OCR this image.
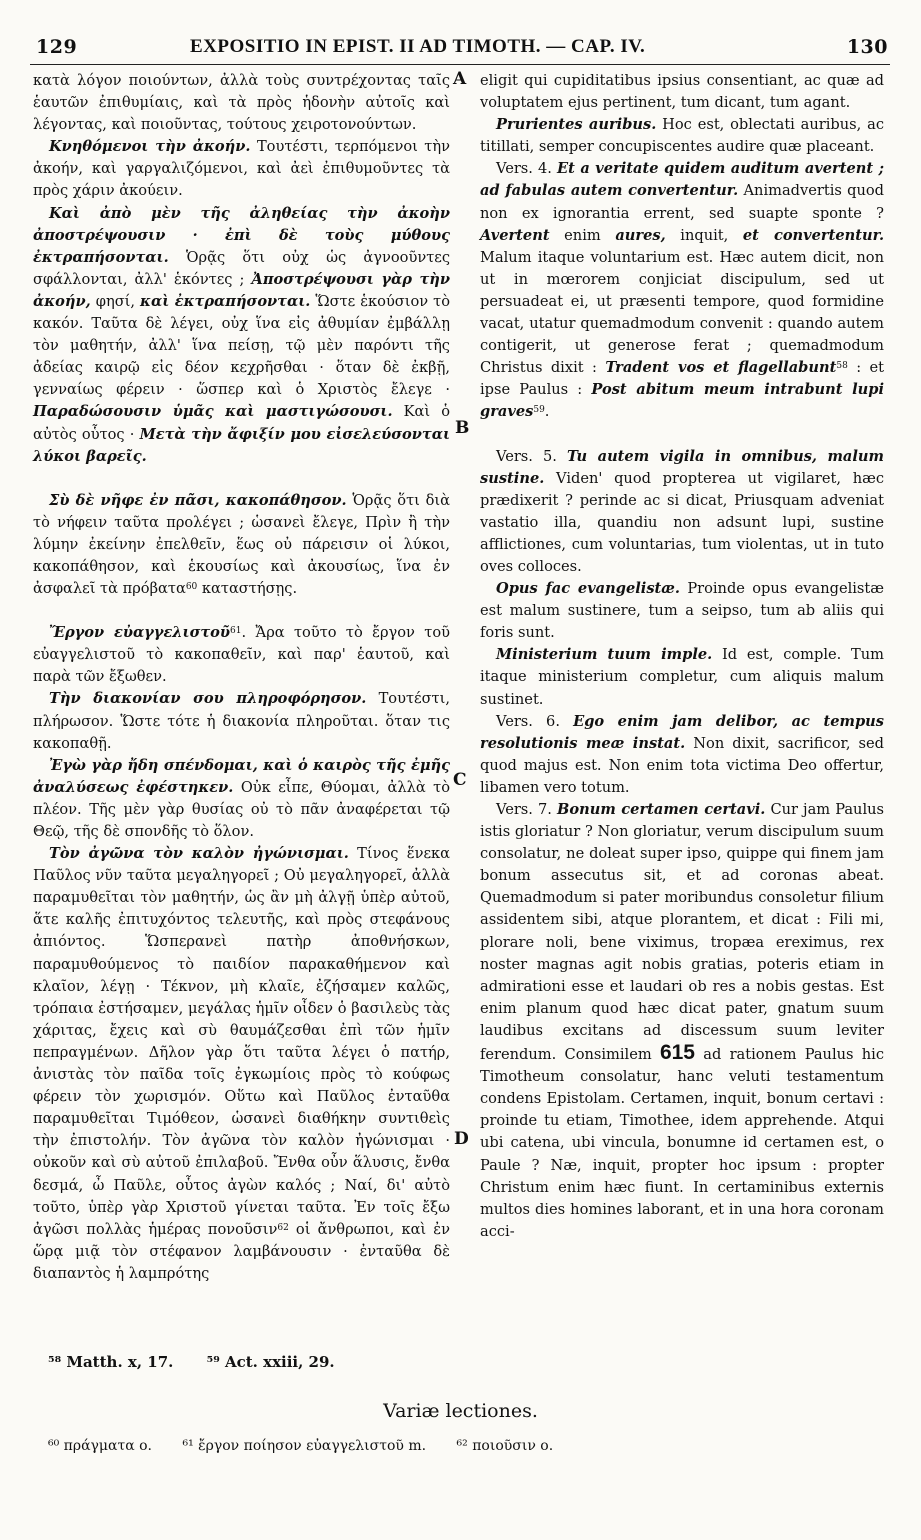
129	EXPOSITIO IN EPIST. II AD TIMOTH. — CAP. IV.	130
A
B
C
D

κατὰ λόγον ποιούντων, ἀλλὰ τοὺς συντρέχοντας ταῖς ἑαυτῶν ἐπιθυμίαις, καὶ τὰ πρὸς ἡδονὴν αὐτοῖς καὶ λέγοντας, καὶ ποιοῦντας, τούτους χειροτονούντων.

Κνηθόμενοι τὴν ἀκοήν. Τουτέστι, τερπόμενοι τὴν ἀκοήν, καὶ γαργαλιζόμενοι, καὶ ἀεὶ ἐπιθυμοῦντες τὰ πρὸς χάριν ἀκούειν.

Καὶ ἀπὸ μὲν τῆς ἀληθείας τὴν ἀκοὴν ἀποστρέψουσιν · ἐπὶ δὲ τοὺς μύθους ἐκτραπήσονται. Ὁρᾷς ὅτι οὐχ ὡς ἀγνοοῦντες σφάλλονται, ἀλλ' ἑκόντες ; Ἀποστρέψουσι γὰρ τὴν ἀκοήν, φησί, καὶ ἐκτραπήσονται. Ὥστε ἑκούσιον τὸ κακόν. Ταῦτα δὲ λέγει, οὐχ ἵνα εἰς ἀθυμίαν ἐμβάλλῃ τὸν μαθητήν, ἀλλ' ἵνα πείσῃ, τῷ μὲν παρόντι τῆς ἀδείας καιρῷ εἰς δέον κεχρῆσθαι · ὅταν δὲ ἐκβῇ, γενναίως φέρειν · ὥσπερ καὶ ὁ Χριστὸς ἔλεγε · Παραδώσουσιν ὑμᾶς καὶ μαστιγώσουσι. Καὶ ὁ αὐτὸς οὗτος · Μετὰ τὴν ἄφιξίν μου εἰσελεύσονται λύκοι βαρεῖς.

Σὺ δὲ νῆφε ἐν πᾶσι, κακοπάθησον. Ὁρᾷς ὅτι διὰ τὸ νήφειν ταῦτα προλέγει ; ὡσανεὶ ἔλεγε, Πρὶν ἢ τὴν λύμην ἐκείνην ἐπελθεῖν, ἕως οὐ πάρεισιν οἱ λύκοι, κακοπάθησον, καὶ ἑκουσίως καὶ ἀκουσίως, ἵνα ἐν ἀσφαλεῖ τὰ πρόβατα$^{60}$ καταστήσῃς.

Ἔργον εὐαγγελιστοῦ$^{61}$. Ἄρα τοῦτο τὸ ἔργον τοῦ εὐαγγελιστοῦ τὸ κακοπαθεῖν, καὶ παρ' ἑαυτοῦ, καὶ παρὰ τῶν ἔξωθεν.

Τὴν διακονίαν σου πληροφόρησον. Τουτέστι, πλήρωσον. Ὥστε τότε ἡ διακονία πληροῦται. ὅταν τις κακοπαθῇ.

Ἐγὼ γὰρ ἤδη σπένδομαι, καὶ ὁ καιρὸς τῆς ἐμῆς ἀναλύσεως ἐφέστηκεν. Οὐκ εἶπε, Θύομαι, ἀλλὰ τὸ πλέον. Τῆς μὲν γὰρ θυσίας οὐ τὸ πᾶν ἀναφέρεται τῷ Θεῷ, τῆς δὲ σπονδῆς τὸ ὅλον.

Τὸν ἀγῶνα τὸν καλὸν ἠγώνισμαι. Τίνος ἕνεκα Παῦλος νῦν ταῦτα μεγαληγορεῖ ; Οὐ μεγαληγορεῖ, ἀλλὰ παραμυθεῖται τὸν μαθητήν, ὡς ἂν μὴ ἀλγῇ ὑπὲρ αὐτοῦ, ἅτε καλῆς ἐπιτυχόντος τελευτῆς, καὶ πρὸς στεφάνους ἀπιόντος. Ὥσπερανεὶ πατὴρ ἀποθνήσκων, παραμυθούμενος τὸ παιδίον παρακαθήμενον καὶ κλαῖον, λέγῃ · Τέκνον, μὴ κλαῖε, ἐζήσαμεν καλῶς, τρόπαια ἐστήσαμεν, μεγάλας ἡμῖν οἶδεν ὁ βασιλεὺς τὰς χάριτας, ἔχεις καὶ σὺ θαυμάζεσθαι ἐπὶ τῶν ἡμῖν πεπραγμένων. Δῆλον γὰρ ὅτι ταῦτα λέγει ὁ πατήρ, ἀνιστὰς τὸν παῖδα τοῖς ἐγκωμίοις πρὸς τὸ κούφως φέρειν τὸν χωρισμόν. Οὕτω καὶ Παῦλος ἐνταῦθα παραμυθεῖται Τιμόθεον, ὡσανεὶ διαθήκην συντιθεὶς τὴν ἐπιστολήν. Τὸν ἀγῶνα τὸν καλὸν ἠγώνισμαι · οὐκοῦν καὶ σὺ αὐτοῦ ἐπιλαβοῦ. Ἔνθα οὖν ἅλυσις, ἔνθα δεσμά, ὦ Παῦλε, οὗτος ἀγὼν καλός ; Ναί, δι' αὐτὸ τοῦτο, ὑπὲρ γὰρ Χριστοῦ γίνεται ταῦτα. Ἐν τοῖς ἔξω ἀγῶσι πολλὰς ἡμέρας πονοῦσιν$^{62}$ οἱ ἄνθρωποι, καὶ ἐν ὥρᾳ μιᾷ τὸν στέφανον λαμβάνουσιν · ἐνταῦθα δὲ διαπαντὸς ἡ λαμπρότης

eligit qui cupiditatibus ipsius consentiant, ac quæ ad voluptatem ejus pertinent, tum dicant, tum agant.

Prurientes auribus. Hoc est, oblectati auribus, ac titillati, semper concupiscentes audire quæ placeant.

Vers. 4. Et a veritate quidem auditum avertent ; ad fabulas autem convertentur. Animadvertis quod non ex ignorantia errent, sed suapte sponte ? Avertent enim aures, inquit, et convertentur. Malum itaque voluntarium est. Hæc autem dicit, non ut in mœrorem conjiciat discipulum, sed ut persuadeat ei, ut præsenti tempore, quod formidine vacat, utatur quemadmodum convenit : quando autem contigerit, ut generose ferat ; quemadmodum Christus dixit : Tradent vos et flagellabunt$^{58}$ : et ipse Paulus : Post abitum meum intrabunt lupi graves$^{59}$.

Vers. 5. Tu autem vigila in omnibus, malum sustine. Viden' quod propterea ut vigilaret, hæc prædixerit ? perinde ac si dicat, Priusquam adveniat vastatio illa, quandiu non adsunt lupi, sustine afflictiones, cum voluntarias, tum violentas, ut in tuto oves colloces.

Opus fac evangelistæ. Proinde opus evangelistæ est malum sustinere, tum a seipso, tum ab aliis qui foris sunt.

Ministerium tuum imple. Id est, comple. Tum itaque ministerium completur, cum aliquis malum sustinet.

Vers. 6. Ego enim jam delibor, ac tempus resolutionis meæ instat. Non dixit, sacrificor, sed quod majus est. Non enim tota victima Deo offertur, libamen vero totum.

Vers. 7. Bonum certamen certavi. Cur jam Paulus istis gloriatur ? Non gloriatur, verum discipulum suum consolatur, ne doleat super ipso, quippe qui finem jam bonum assecutus sit, et ad coronas abeat. Quemadmodum si pater moribundus consoletur filium assidentem sibi, atque plorantem, et dicat : Fili mi, plorare noli, bene viximus, tropæa ereximus, rex noster magnas agit nobis gratias, poteris etiam in admirationi esse et laudari ob res a nobis gestas. Est enim planum quod hæc dicat pater, gnatum suum laudibus excitans ad discessum suum leviter ferendum. Consimilem 615 ad rationem Paulus hic Timotheum consolatur, hanc veluti testamentum condens Epistolam. Certamen, inquit, bonum certavi : proinde tu etiam, Timothee, idem apprehende. Atqui ubi catena, ubi vincula, bonumne id certamen est, o Paule ? Næ, inquit, propter hoc ipsum : propter Christum enim hæc fiunt. In certaminibus externis multos dies homines laborant, et in una hora coronam acci-

⁵⁸ Matth. x, 17. ⁵⁹ Act. xxiii, 29.
Variæ lectiones.
⁶⁰ πράγματα ο. ⁶¹ ἔργον ποίησον εὐαγγελιστοῦ m. ⁶² ποιοῦσιν ο.
